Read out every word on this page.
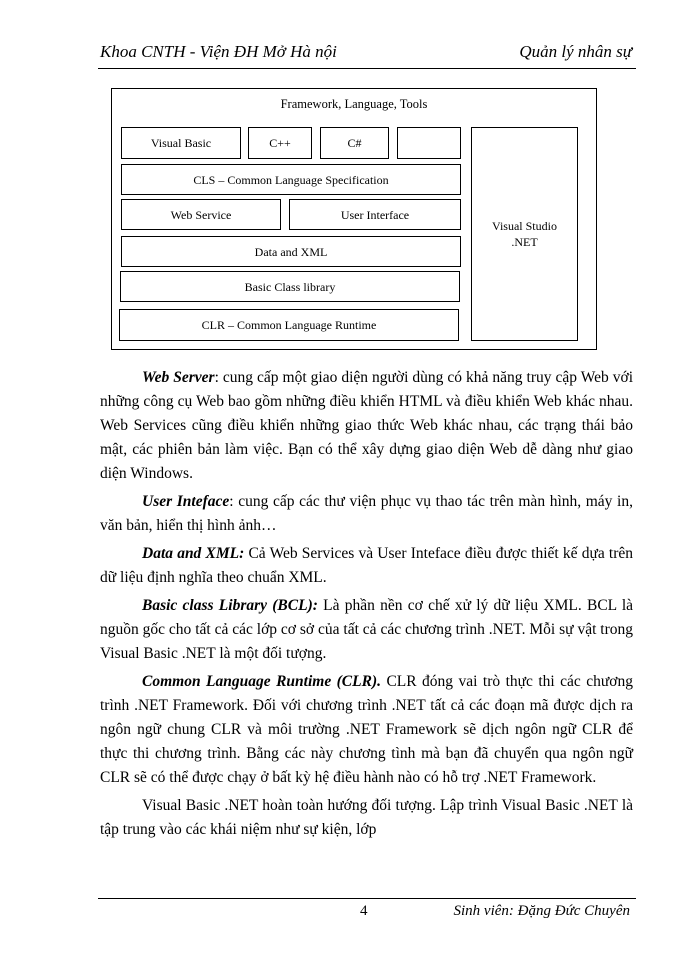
Khoa CNTH - Viện ĐH Mở Hà nội	Quản lý nhân sự
Framework, Language, Tools
Visual Basic	C++	C#
CLS – Common Language Specification
Web Service	User Interface
Data and XML
Basic Class library
CLR – Common Language Runtime
Visual Studio .NET

Web Server: cung cấp một giao diện người dùng có khả năng truy cập Web với những công cụ Web bao gồm những điều khiển HTML và điều khiển Web khác nhau. Web Services cũng điều khiển những giao thức Web khác nhau, các trạng thái bảo mật, các phiên bản làm việc. Bạn có thể xây dựng giao diện Web dễ dàng như giao diện Windows.

User Inteface: cung cấp các thư viện phục vụ thao tác trên màn hình, máy in, văn bản, hiển thị hình ảnh…

Data and XML: Cả Web Services và User Inteface điều được thiết kế dựa trên dữ liệu định nghĩa theo chuẩn XML.

Basic class Library (BCL): Là phần nền cơ chế xử lý dữ liệu XML. BCL là nguồn gốc cho tất cả các lớp cơ sở của tất cả các chương trình .NET. Mỗi sự vật trong Visual Basic .NET là một đối tượng.

Common Language Runtime (CLR). CLR đóng vai trò thực thi các chương trình .NET Framework. Đối với chương trình .NET tất cả các đoạn mã được dịch ra ngôn ngữ chung CLR và môi trường .NET Framework sẽ dịch ngôn ngữ CLR để thực thi chương trình. Bằng các này chương tình mà bạn đã chuyển qua ngôn ngữ CLR sẽ có thể được chạy ở bất kỳ hệ điều hành nào có hỗ trợ .NET Framework.

Visual Basic .NET hoàn toàn hướng đối tượng. Lập trình Visual Basic .NET là tập trung vào các khái niệm như sự kiện, lớp

4	Sinh viên: Đặng Đức Chuyên
